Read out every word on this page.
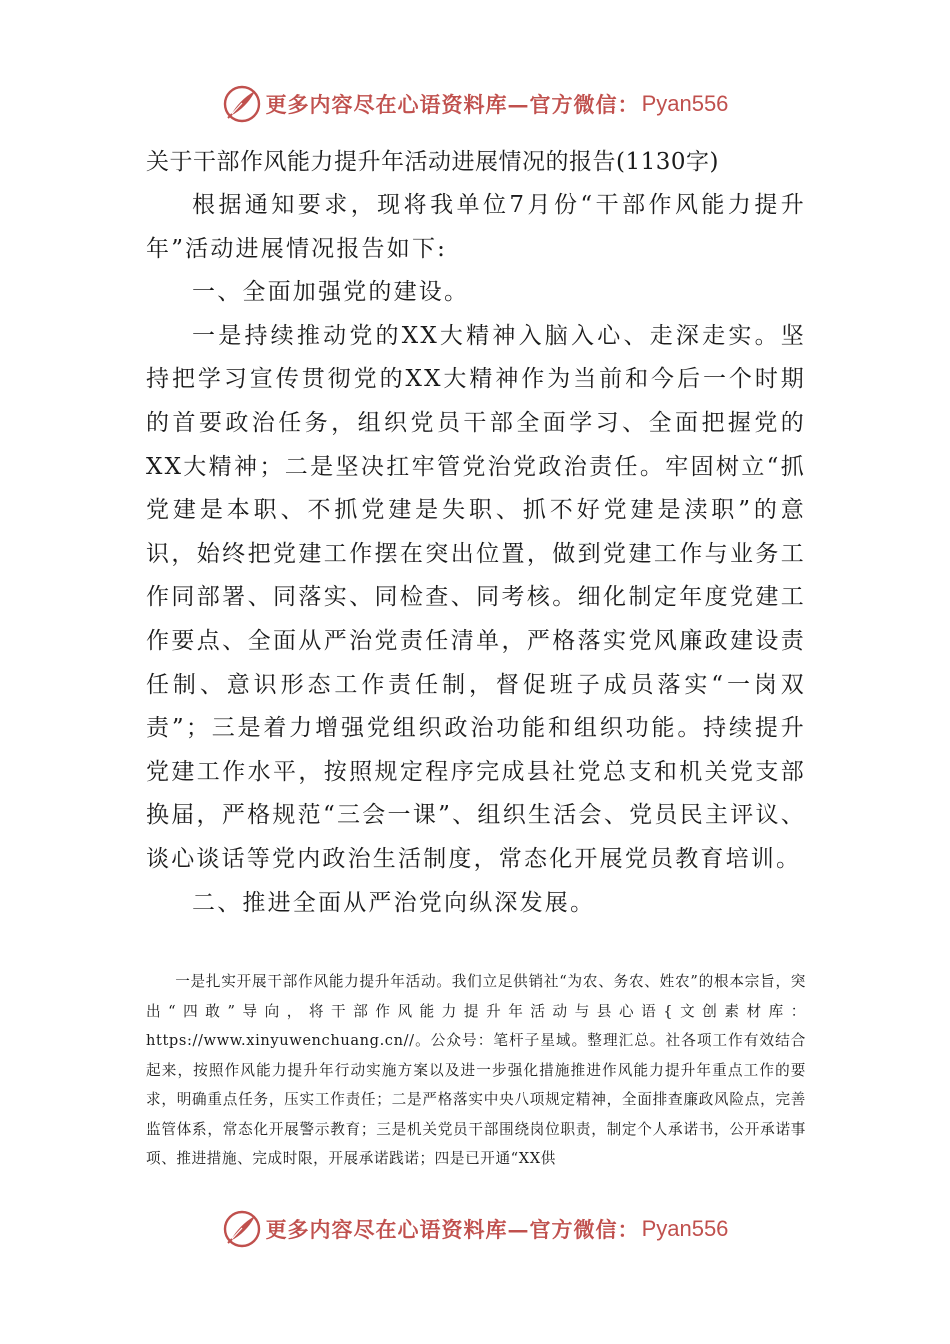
更多内容尽在心语资料库—官方微信： Pyan556
关于干部作风能力提升年活动进展情况的报告(1130字)

根据通知要求，现将我单位7月份“干部作风能力提升年”活动进展情况报告如下:

一、全面加强党的建设。

一是持续推动党的XX大精神入脑入心、走深走实。坚持把学习宣传贯彻党的XX大精神作为当前和今后一个时期的首要政治任务，组织党员干部全面学习、全面把握党的XX大精神；二是坚决扛牢管党治党政治责任。牢固树立“抓党建是本职、不抓党建是失职、抓不好党建是渎职”的意识，始终把党建工作摆在突出位置，做到党建工作与业务工作同部署、同落实、同检查、同考核。细化制定年度党建工作要点、全面从严治党责任清单，严格落实党风廉政建设责任制、意识形态工作责任制，督促班子成员落实“一岗双责”；三是着力增强党组织政治功能和组织功能。持续提升党建工作水平，按照规定程序完成县社党总支和机关党支部换届，严格规范“三会一课”、组织生活会、党员民主评议、谈心谈话等党内政治生活制度，常态化开展党员教育培训。

二、推进全面从严治党向纵深发展。

一是扎实开展干部作风能力提升年活动。我们立足供销社“为农、务农、姓农”的根本宗旨，突出“四敢”导向，将干部作风能力提升年活动与县心语{文创素材库：https://www.xinyuwenchuang.cn//。公众号：笔杆子星域。整理汇总。社各项工作有效结合起来，按照作风能力提升年行动实施方案以及进一步强化措施推进作风能力提升年重点工作的要求，明确重点任务，压实工作责任；二是严格落实中央八项规定精神，全面排查廉政风险点，完善监管体系，常态化开展警示教育；三是机关党员干部围绕岗位职责，制定个人承诺书，公开承诺事项、推进措施、完成时限，开展承诺践诺；四是已开通“XX供

更多内容尽在心语资料库—官方微信： Pyan556
